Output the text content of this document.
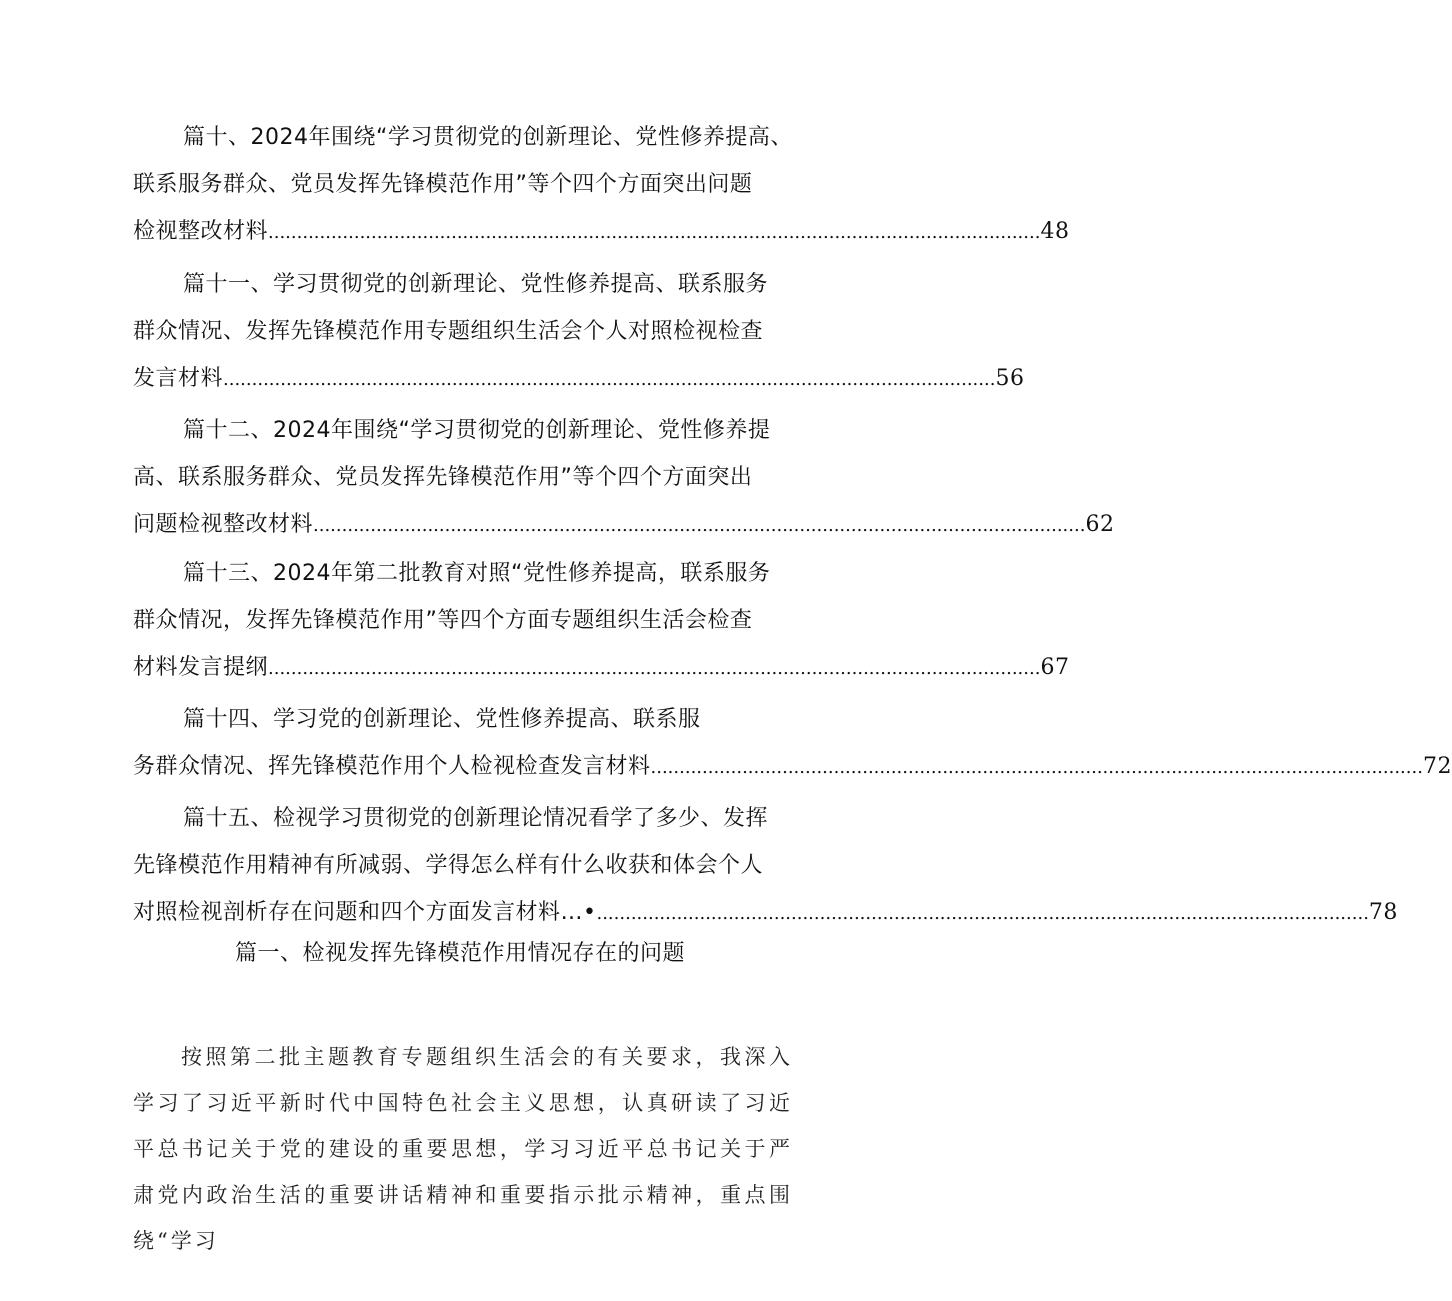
篇十、2024年围绕“学习贯彻党的创新理论、党性修养提高、
联系服务群众、党员发挥先锋模范作用”等个四个方面突出问题
检视整改材料 ....................................................................................................................................... 48
篇十一、学习贯彻党的创新理论、党性修养提高、联系服务
群众情况、发挥先锋模范作用专题组织生活会个人对照检视检查
发言材料 ....................................................................................................................................... 56
篇十二、2024年围绕“学习贯彻党的创新理论、党性修养提
高、联系服务群众、党员发挥先锋模范作用”等个四个方面突出
问题检视整改材料 ....................................................................................................................................... 62
篇十三、2024年第二批教育对照“党性修养提高，联系服务
群众情况，发挥先锋模范作用”等四个方面专题组织生活会检查
材料发言提纲 ....................................................................................................................................... 67
篇十四、学习党的创新理论、党性修养提高、联系服
务群众情况、挥先锋模范作用个人检视检查发言材料 ....................................................................................................................................... 72
篇十五、检视学习贯彻党的创新理论情况看学了多少、发挥
先锋模范作用精神有所减弱、学得怎么样有什么收获和体会个人
对照检视剖析存在问题和四个方面发言材料…• ....................................................................................................................................... 78
篇一、检视发挥先锋模范作用情况存在的问题
按照第二批主题教育专题组织生活会的有关要求，我深入学习了习近平新时代中国特色社会主义思想，认真研读了习近平总书记关于党的建设的重要思想，学习习近平总书记关于严肃党内政治生活的重要讲话精神和重要指示批示精神，重点围绕“学习
